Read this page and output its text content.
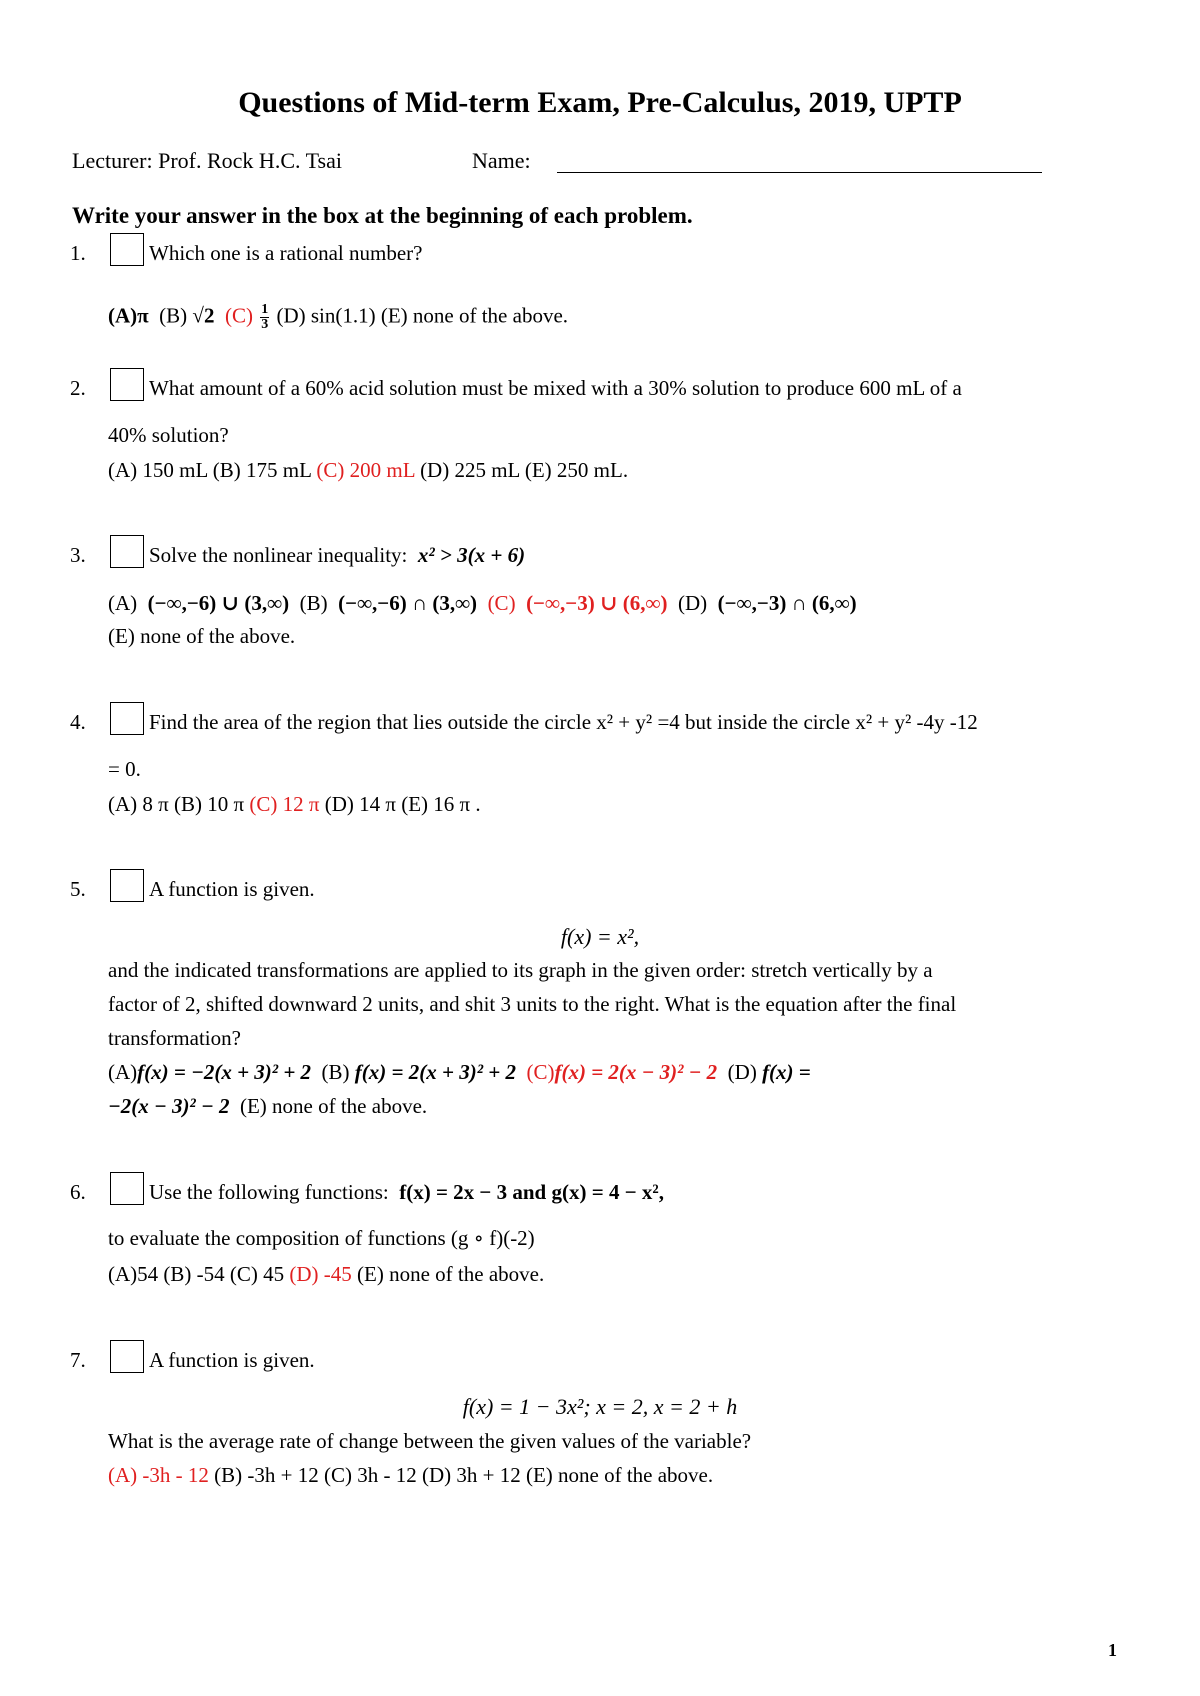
Questions of Mid-term Exam, Pre-Calculus, 2019, UPTP
Lecturer: Prof. Rock H.C. Tsai	Name:
Write your answer in the box at the beginning of each problem.
1.	Which one is a rational number?
(A)π (B) √2 $(C) \frac{1}{3} (D)$ sin(1.1) (E) none of the above.
2.	What amount of a 60% acid solution must be mixed with a 30% solution to produce 600 mL of a
40% solution?
(A) 150 mL (B) 175 mL (C) 200 mL (D) 225 mL (E) 250 mL.
3.	Solve the nonlinear inequality: x² > 3(x + 6)
(A) (−∞,−6) ∪ (3,∞) (B) (−∞,−6) ∩ (3,∞) (C) (−∞,−3) ∪ (6,∞) (D) (−∞,−3) ∩ (6,∞)
(E) none of the above.
4.	Find the area of the region that lies outside the circle x² + y² =4 but inside the circle x² + y² -4y -12
= 0.
(A) 8 π (B) 10 π (C) 12 π (D) 14 π (E) 16 π .
5.	A function is given.
f(x) = x²,
and the indicated transformations are applied to its graph in the given order: stretch vertically by a
factor of 2, shifted downward 2 units, and shit 3 units to the right. What is the equation after the final
transformation?
(A)f(x) = −2(x + 3)² + 2 (B) f(x) = 2(x + 3)² + 2 (C)f(x) = 2(x − 3)² − 2 (D) f(x) =
−2(x − 3)² − 2 (E) none of the above.
6.	Use the following functions: f(x) = 2x − 3 and g(x) = 4 − x²,
to evaluate the composition of functions (g ∘ f)(-2)
(A)54 (B) -54 (C) 45 (D) -45 (E) none of the above.
7.	A function is given.
f(x) = 1 − 3x²; x = 2, x = 2 + h
What is the average rate of change between the given values of the variable?
(A) -3h - 12 (B) -3h + 12 (C) 3h - 12 (D) 3h + 12 (E) none of the above.
1
